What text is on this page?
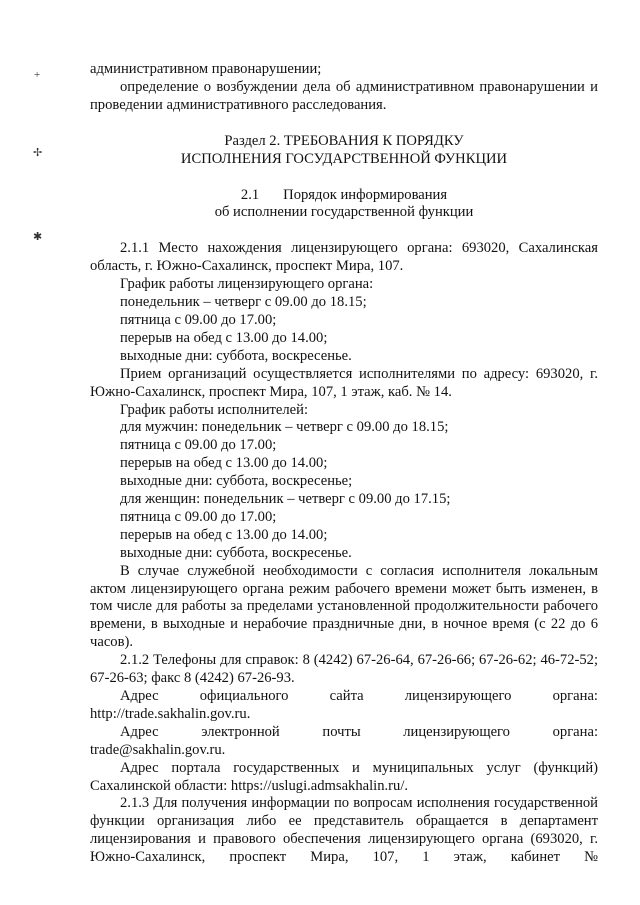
+
✢
✱

административном правонарушении;

определение о возбуждении дела об административном правонарушении и проведении административного расследования.

Раздел 2. ТРЕБОВАНИЯ К ПОРЯДКУ

ИСПОЛНЕНИЯ ГОСУДАРСТВЕННОЙ ФУНКЦИИ

2.1 Порядок информирования

об исполнении государственной функции

2.1.1 Место нахождения лицензирующего органа: 693020, Сахалинская область, г. Южно-Сахалинск, проспект Мира, 107.

График работы лицензирующего органа:

понедельник – четверг с 09.00 до 18.15;

пятница с 09.00 до 17.00;

перерыв на обед с 13.00 до 14.00;

выходные дни: суббота, воскресенье.

Прием организаций осуществляется исполнителями по адресу: 693020, г. Южно-Сахалинск, проспект Мира, 107, 1 этаж, каб. № 14.

График работы исполнителей:

для мужчин: понедельник – четверг с 09.00 до 18.15;

пятница с 09.00 до 17.00;

перерыв на обед с 13.00 до 14.00;

выходные дни: суббота, воскресенье;

для женщин: понедельник – четверг с 09.00 до 17.15;

пятница с 09.00 до 17.00;

перерыв на обед с 13.00 до 14.00;

выходные дни: суббота, воскресенье.

В случае служебной необходимости с согласия исполнителя локальным актом лицензирующего органа режим рабочего времени может быть изменен, в том числе для работы за пределами установленной продолжительности рабочего времени, в выходные и нерабочие праздничные дни, в ночное время (с 22 до 6 часов).

2.1.2 Телефоны для справок: 8 (4242) 67-26-64, 67-26-66; 67-26-62; 46-72-52; 67-26-63; факс 8 (4242) 67-26-93.

Адрес официального сайта лицензирующего органа:

http://trade.sakhalin.gov.ru.

Адрес электронной почты лицензирующего органа:

trade@sakhalin.gov.ru.

Адрес портала государственных и муниципальных услуг (функций) Сахалинской области: https://uslugi.admsakhalin.ru/.

2.1.3 Для получения информации по вопросам исполнения государственной функции организация либо ее представитель обращается в департамент лицензирования и правового обеспечения лицензирующего органа (693020, г. Южно-Сахалинск, проспект Мира, 107, 1 этаж, кабинет №
